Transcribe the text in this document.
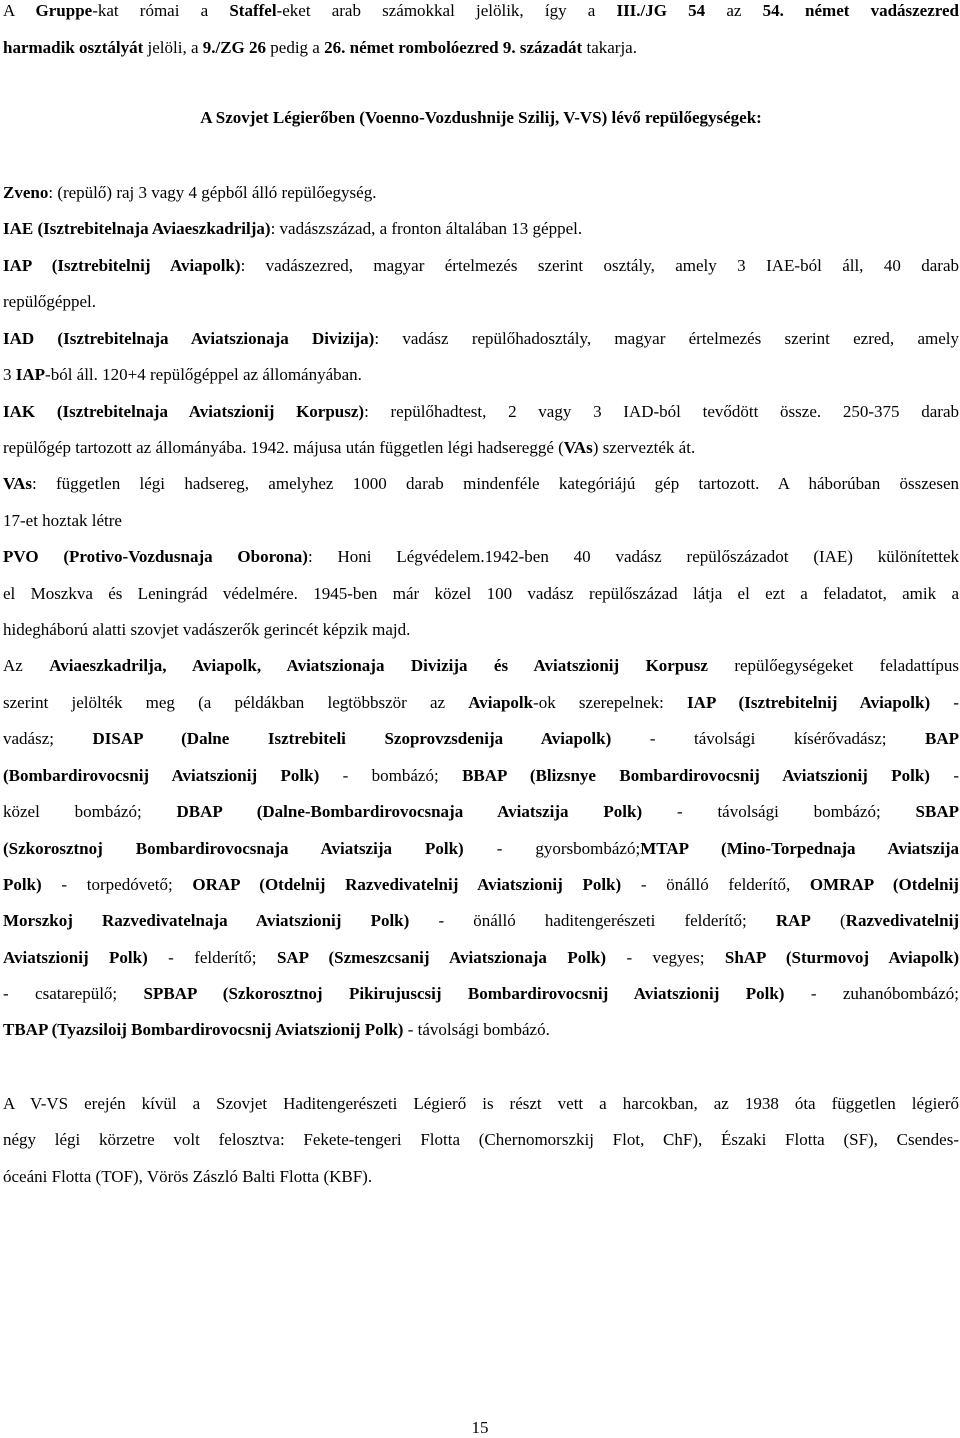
A Gruppe-kat római a Staffel-eket arab számokkal jelölik, így a III./JG 54 az 54. német vadászezred
harmadik osztályát jelöli, a 9./ZG 26 pedig a 26. német rombolóezred 9. századát takarja.
A Szovjet Légierőben (Voenno-Vozdushnije Szilij, V-VS) lévő repülőegységek:
Zveno: (repülő) raj 3 vagy 4 gépből álló repülőegység.
IAE (Isztrebitelnaja Aviaeszkadrilja): vadászszázad, a fronton általában 13 géppel.
IAP (Isztrebitelnij Aviapolk): vadászezred, magyar értelmezés szerint osztály, amely 3 IAE-ból áll, 40 darab
repülőgéppel.
IAD (Isztrebitelnaja Aviatszionaja Divizija): vadász repülőhadosztály, magyar értelmezés szerint ezred, amely
3 IAP-ból áll. 120+4 repülőgéppel az állományában.
IAK (Isztrebitelnaja Aviatszionij Korpusz): repülőhadtest, 2 vagy 3 IAD-ból tevődött össze. 250-375 darab
repülőgép tartozott az állományába. 1942. májusa után független légi hadsereggé (VAs) szervezték át.
VAs: független légi hadsereg, amelyhez 1000 darab mindenféle kategóriájú gép tartozott. A háborúban összesen
17-et hoztak létre
PVO (Protivo-Vozdusnaja Oborona): Honi Légvédelem.1942-ben 40 vadász repülőszázadot (IAE) különítettek
el Moszkva és Leningrád védelmére. 1945-ben már közel 100 vadász repülőszázad látja el ezt a feladatot, amik a
hidegháború alatti szovjet vadászerők gerincét képzik majd.
Az Aviaeszkadrilja, Aviapolk, Aviatszionaja Divizija és Aviatszionij Korpusz repülőegységeket feladattípus
szerint jelölték meg (a példákban legtöbbször az Aviapolk-ok szerepelnek: IAP (Isztrebitelnij Aviapolk) -
vadász; DISAP (Dalne Isztrebiteli Szoprovzsdenija Aviapolk) - távolsági kísérővadász; BAP
(Bombardirovocsnij Aviatszionij Polk) - bombázó; BBAP (Blizsnye Bombardirovocsnij Aviatszionij Polk) -
közel bombázó; DBAP (Dalne-Bombardirovocsnaja Aviatszija Polk) - távolsági bombázó; SBAP
(Szkorosztnoj Bombardirovocsnaja Aviatszija Polk) - gyorsbombázó;MTAP (Mino-Torpednaja Aviatszija
Polk) - torpedóvető; ORAP (Otdelnij Razvedivatelnij Aviatszionij Polk) - önálló felderítő, OMRAP (Otdelnij
Morszkoj Razvedivatelnaja Aviatszionij Polk) - önálló haditengerészeti felderítő; RAP (Razvedivatelnij
Aviatszionij Polk) - felderítő; SAP (Szmeszcsanij Aviatszionaja Polk) - vegyes; ShAP (Sturmovoj Aviapolk)
- csatarepülő; SPBAP (Szkorosztnoj Pikirujuscsij Bombardirovocsnij Aviatszionij Polk) - zuhanóbombázó;
TBAP (Tyazsiloij Bombardirovocsnij Aviatszionij Polk) - távolsági bombázó.
A V-VS erején kívül a Szovjet Haditengerészeti Légierő is részt vett a harcokban, az 1938 óta független légierő
négy légi körzetre volt felosztva: Fekete-tengeri Flotta (Chernomorszkij Flot, ChF), Északi Flotta (SF), Csendes-
óceáni Flotta (TOF), Vörös Zászló Balti Flotta (KBF).
15
